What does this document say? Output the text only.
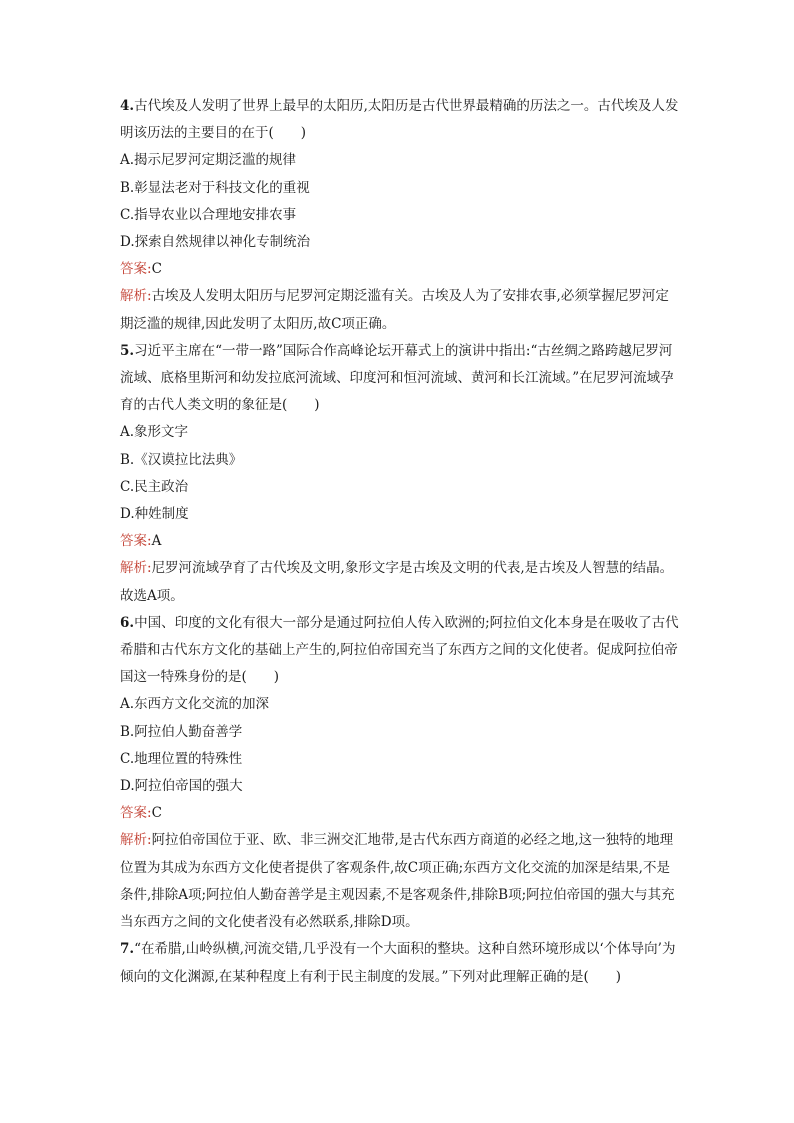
4.古代埃及人发明了世界上最早的太阳历,太阳历是古代世界最精确的历法之一。古代埃及人发明该历法的主要目的在于(　　)

A.揭示尼罗河定期泛滥的规律

B.彰显法老对于科技文化的重视

C.指导农业以合理地安排农事

D.探索自然规律以神化专制统治

答案:C

解析:古埃及人发明太阳历与尼罗河定期泛滥有关。古埃及人为了安排农事,必须掌握尼罗河定期泛滥的规律,因此发明了太阳历,故C项正确。

5.习近平主席在“一带一路”国际合作高峰论坛开幕式上的演讲中指出:“古丝绸之路跨越尼罗河流域、底格里斯河和幼发拉底河流域、印度河和恒河流域、黄河和长江流域。”在尼罗河流域孕育的古代人类文明的象征是(　　)

A.象形文字

B.《汉谟拉比法典》

C.民主政治

D.种姓制度

答案:A

解析:尼罗河流域孕育了古代埃及文明,象形文字是古埃及文明的代表,是古埃及人智慧的结晶。故选A项。

6.中国、印度的文化有很大一部分是通过阿拉伯人传入欧洲的;阿拉伯文化本身是在吸收了古代希腊和古代东方文化的基础上产生的,阿拉伯帝国充当了东西方之间的文化使者。促成阿拉伯帝国这一特殊身份的是(　　)

A.东西方文化交流的加深

B.阿拉伯人勤奋善学

C.地理位置的特殊性

D.阿拉伯帝国的强大

答案:C

解析:阿拉伯帝国位于亚、欧、非三洲交汇地带,是古代东西方商道的必经之地,这一独特的地理位置为其成为东西方文化使者提供了客观条件,故C项正确;东西方文化交流的加深是结果,不是条件,排除A项;阿拉伯人勤奋善学是主观因素,不是客观条件,排除B项;阿拉伯帝国的强大与其充当东西方之间的文化使者没有必然联系,排除D项。

7.“在希腊,山岭纵横,河流交错,几乎没有一个大面积的整块。这种自然环境形成以‘个体导向’为倾向的文化渊源,在某种程度上有利于民主制度的发展。”下列对此理解正确的是(　　)
